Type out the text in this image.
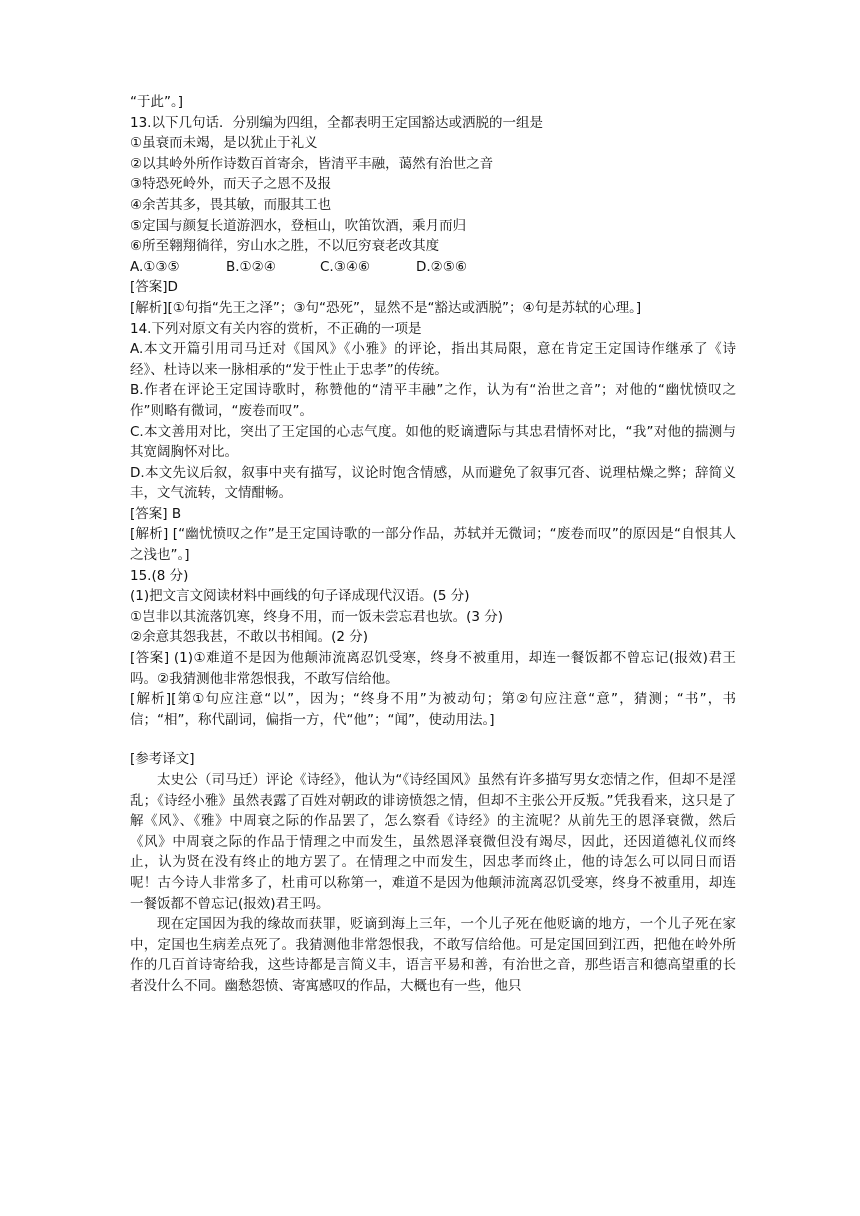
“于此”。]
13.以下几句话．分别编为四组，全都表明王定国豁达或洒脱的一组是
①虽衰而未竭，是以犹止于礼义
②以其岭外所作诗数百首寄余，皆清平丰融，蔼然有治世之音
③特恐死岭外，而天子之恩不及报
④余苦其多，畏其敏，而服其工也
⑤定国与颜复长道游泗水，登桓山，吹笛饮酒，乘月而归
⑥所至翱翔徜徉，穷山水之胜，不以厄穷衰老改其度
A.①③⑤	B.①②④	C.③④⑥	D.②⑤⑥
[答案]D
[解析][①句指“先王之泽”；③句“恐死”，显然不是“豁达或洒脱”；④句是苏轼的心理。]
14.下列对原文有关内容的赏析，不正确的一项是
A.本文开篇引用司马迁对《国风》《小雅》的评论，指出其局限，意在肯定王定国诗作继承了《诗经》、杜诗以来一脉相承的“发于性止于忠孝”的传统。
B.作者在评论王定国诗歌时，称赞他的“清平丰融”之作，认为有“治世之音”；对他的“幽忧愤叹之作”则略有微词，“废卷而叹”。
C.本文善用对比，突出了王定国的心志气度。如他的贬谪遭际与其忠君情怀对比，“我”对他的揣测与其宽阔胸怀对比。
D.本文先议后叙，叙事中夹有描写，议论时饱含情感，从而避免了叙事冗沓、说理枯燥之弊；辞简义丰，文气流转，文情酣畅。
[答案] B
[解析] [“幽忧愤叹之作”是王定国诗歌的一部分作品，苏轼并无微词；“废卷而叹”的原因是“自恨其人之浅也”。]
15.(8 分)
(1)把文言文阅读材料中画线的句子译成现代汉语。(5 分)
①岂非以其流落饥寒，终身不用，而一饭未尝忘君也欤。(3 分)
②余意其怨我甚，不敢以书相闻。(2 分)
[答案] (1)①难道不是因为他颠沛流离忍饥受寒，终身不被重用，却连一餐饭都不曾忘记(报效)君王吗。②我猜测他非常怨恨我，不敢写信给他。
[解析][第①句应注意“以”，因为；“终身不用”为被动句；第②句应注意“意”，猜测；“书”，书信；“相”，称代副词，偏指一方，代“他”；“闻”，使动用法。]
[参考译文]
太史公（司马迁）评论《诗经》，他认为“《诗经国风》虽然有许多描写男女恋情之作，但却不是淫乱；《诗经小雅》虽然表露了百姓对朝政的诽谤愤怨之情，但却不主张公开反叛。”凭我看来，这只是了解《风》、《雅》中周衰之际的作品罢了，怎么察看《诗经》的主流呢？从前先王的恩泽衰微，然后《风》中周衰之际的作品于情理之中而发生，虽然恩泽衰微但没有竭尽，因此，还因道德礼仪而终止，认为贤在没有终止的地方罢了。在情理之中而发生，因忠孝而终止，他的诗怎么可以同日而语呢！古今诗人非常多了，杜甫可以称第一，难道不是因为他颠沛流离忍饥受寒，终身不被重用，却连一餐饭都不曾忘记(报效)君王吗。
现在定国因为我的缘故而获罪，贬谪到海上三年，一个儿子死在他贬谪的地方，一个儿子死在家中，定国也生病差点死了。我猜测他非常怨恨我，不敢写信给他。可是定国回到江西，把他在岭外所作的几百首诗寄给我，这些诗都是言简义丰，语言平易和善，有治世之音，那些语言和德高望重的长者没什么不同。幽愁怨愤、寄寓感叹的作品，大概也有一些，他只
